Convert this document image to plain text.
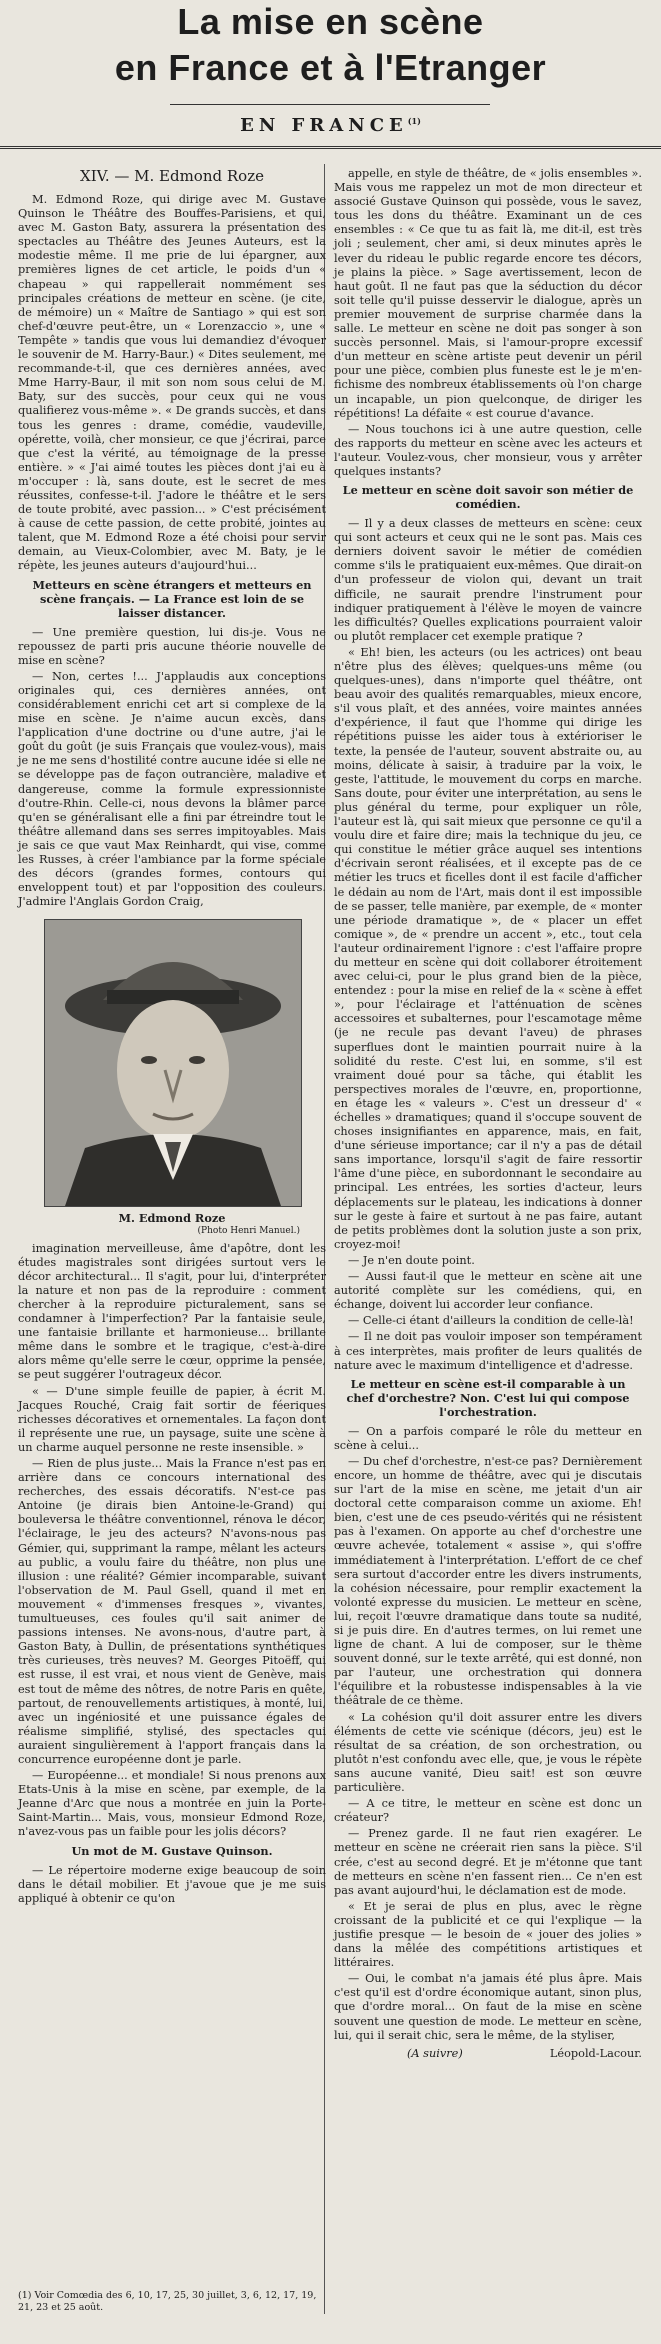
La mise en scène
en France et à l'Etranger
EN FRANCE$^{(1)}$
XIV. — M. Edmond Roze

M. Edmond Roze, qui dirige avec M. Gustave Quinson le Théâtre des Bouffes-Parisiens, et qui, avec M. Gaston Baty, assurera la présentation des spectacles au Théâtre des Jeunes Auteurs, est la modestie même. Il me prie de lui épargner, aux premières lignes de cet article, le poids d'un « chapeau » qui rappellerait nommément ses principales créations de metteur en scène. (je cite, de mémoire) un « Maître de Santiago » qui est son chef-d'œuvre peut-être, un « Lorenzaccio », une « Tempête » tandis que vous lui demandiez d'évoquer le souvenir de M. Harry-Baur.) « Dites seulement, me recommande-t-il, que ces dernières années, avec Mme Harry-Baur, il mit son nom sous celui de M. Baty, sur des succès, pour ceux qui ne vous qualifierez vous-même ». « De grands succès, et dans tous les genres : drame, comédie, vaudeville, opérette, voilà, cher monsieur, ce que j'écrirai, parce que c'est la vérité, au témoignage de la presse entière. » « J'ai aimé toutes les pièces dont j'ai eu à m'occuper : là, sans doute, est le secret de mes réussites, confesse-t-il. J'adore le théâtre et le sers de toute probité, avec passion... » C'est précisément à cause de cette passion, de cette probité, jointes au talent, que M. Edmond Roze a été choisi pour servir demain, au Vieux-Colombier, avec M. Baty, je le répète, les jeunes auteurs d'aujourd'hui...

Metteurs en scène étrangers et metteurs en scène français. — La France est loin de se laisser distancer.

— Une première question, lui dis-je. Vous ne repoussez de parti pris aucune théorie nouvelle de mise en scène?

— Non, certes !... J'applaudis aux conceptions originales qui, ces dernières années, ont considérablement enrichi cet art si complexe de la mise en scène. Je n'aime aucun excès, dans l'application d'une doctrine ou d'une autre, j'ai le goût du goût (je suis Français que voulez-vous), mais je ne me sens d'hostilité contre aucune idée si elle ne se développe pas de façon outrancière, maladive et dangereuse, comme la formule expressionniste d'outre-Rhin. Celle-ci, nous devons la blâmer parce qu'en se généralisant elle a fini par étreindre tout le théâtre allemand dans ses serres impitoyables. Mais je sais ce que vaut Max Reinhardt, qui vise, comme les Russes, à créer l'ambiance par la forme spéciale des décors (grandes formes, contours qui enveloppent tout) et par l'opposition des couleurs. J'admire l'Anglais Gordon Craig,

M. Edmond Roze
(Photo Henri Manuel.)

imagination merveilleuse, âme d'apôtre, dont les études magistrales sont dirigées surtout vers le décor architectural... Il s'agit, pour lui, d'interpréter la nature et non pas de la reproduire : comment chercher à la reproduire picturalement, sans se condamner à l'imperfection? Par la fantaisie seule, une fantaisie brillante et harmonieuse... brillante même dans le sombre et le tragique, c'est-à-dire alors même qu'elle serre le cœur, opprime la pensée, se peut suggérer l'outrageux décor.

« — D'une simple feuille de papier, à écrit M. Jacques Rouché, Craig fait sortir de féeriques richesses décoratives et ornementales. La façon dont il représente une rue, un paysage, suite une scène à un charme auquel personne ne reste insensible. »

— Rien de plus juste... Mais la France n'est pas en arrière dans ce concours international des recherches, des essais décoratifs. N'est-ce pas Antoine (je dirais bien Antoine-le-Grand) qui bouleversa le théâtre conventionnel, rénova le décor, l'éclairage, le jeu des acteurs? N'avons-nous pas Gémier, qui, supprimant la rampe, mêlant les acteurs au public, a voulu faire du théâtre, non plus une illusion : une réalité? Gémier incomparable, suivant l'observation de M. Paul Gsell, quand il met en mouvement « d'immenses fresques », vivantes, tumultueuses, ces foules qu'il sait animer de passions intenses. Ne avons-nous, d'autre part, à Gaston Baty, à Dullin, de présentations synthétiques très curieuses, très neuves? M. Georges Pitoëff, qui est russe, il est vrai, et nous vient de Genève, mais est tout de même des nôtres, de notre Paris en quête, partout, de renouvellements artistiques, à monté, lui, avec un ingéniosité et une puissance égales de réalisme simplifié, stylisé, des spectacles qui auraient singulièrement à l'apport français dans la concurrence européenne dont je parle.

— Européenne... et mondiale! Si nous prenons aux Etats-Unis à la mise en scène, par exemple, de la Jeanne d'Arc que nous a montrée en juin la Porte-Saint-Martin... Mais, vous, monsieur Edmond Roze, n'avez-vous pas un faible pour les jolis décors?

Un mot de M. Gustave Quinson.

— Le répertoire moderne exige beaucoup de soin dans le détail mobilier. Et j'avoue que je me suis appliqué à obtenir ce qu'on

(1) Voir Comœdia des 6, 10, 17, 25, 30 juillet, 3, 6, 12, 17, 19, 21, 23 et 25 août.

appelle, en style de théâtre, de « jolis ensembles ». Mais vous me rappelez un mot de mon directeur et associé Gustave Quinson qui possède, vous le savez, tous les dons du théâtre. Examinant un de ces ensembles : « Ce que tu as fait là, me dit-il, est très joli ; seulement, cher ami, si deux minutes après le lever du rideau le public regarde encore tes décors, je plains la pièce. » Sage avertissement, lecon de haut goût. Il ne faut pas que la séduction du décor soit telle qu'il puisse desservir le dialogue, après un premier mouvement de surprise charmée dans la salle. Le metteur en scène ne doit pas songer à son succès personnel. Mais, si l'amour-propre excessif d'un metteur en scène artiste peut devenir un péril pour une pièce, combien plus funeste est le je m'en-fichisme des nombreux établissements où l'on charge un incapable, un pion quelconque, de diriger les répétitions! La défaite « est courue d'avance.

— Nous touchons ici à une autre question, celle des rapports du metteur en scène avec les acteurs et l'auteur. Voulez-vous, cher monsieur, vous y arrêter quelques instants?

Le metteur en scène doit savoir son métier de comédien.

— Il y a deux classes de metteurs en scène: ceux qui sont acteurs et ceux qui ne le sont pas. Mais ces derniers doivent savoir le métier de comédien comme s'ils le pratiquaient eux-mêmes. Que dirait-on d'un professeur de violon qui, devant un trait difficile, ne saurait prendre l'instrument pour indiquer pratiquement à l'élève le moyen de vaincre les difficultés? Quelles explications pourraient valoir ou plutôt remplacer cet exemple pratique ?

« Eh! bien, les acteurs (ou les actrices) ont beau n'être plus des élèves; quelques-uns même (ou quelques-unes), dans n'importe quel théâtre, ont beau avoir des qualités remarquables, mieux encore, s'il vous plaît, et des années, voire maintes années d'expérience, il faut que l'homme qui dirige les répétitions puisse les aider tous à extérioriser le texte, la pensée de l'auteur, souvent abstraite ou, au moins, délicate à saisir, à traduire par la voix, le geste, l'attitude, le mouvement du corps en marche. Sans doute, pour éviter une interprétation, au sens le plus général du terme, pour expliquer un rôle, l'auteur est là, qui sait mieux que personne ce qu'il a voulu dire et faire dire; mais la technique du jeu, ce qui constitue le métier grâce auquel ses intentions d'écrivain seront réalisées, et il excepte pas de ce métier les trucs et ficelles dont il est facile d'afficher le dédain au nom de l'Art, mais dont il est impossible de se passer, telle manière, par exemple, de « monter une période dramatique », de « placer un effet comique », de « prendre un accent », etc., tout cela l'auteur ordinairement l'ignore : c'est l'affaire propre du metteur en scène qui doit collaborer étroitement avec celui-ci, pour le plus grand bien de la pièce, entendez : pour la mise en relief de la « scène à effet », pour l'éclairage et l'atténuation de scènes accessoires et subalternes, pour l'escamotage même (je ne recule pas devant l'aveu) de phrases superflues dont le maintien pourrait nuire à la solidité du reste. C'est lui, en somme, s'il est vraiment doué pour sa tâche, qui établit les perspectives morales de l'œuvre, en, proportionne, en étage les « valeurs ». C'est un dresseur d' « échelles » dramatiques; quand il s'occupe souvent de choses insignifiantes en apparence, mais, en fait, d'une sérieuse importance; car il n'y a pas de détail sans importance, lorsqu'il s'agit de faire ressortir l'âme d'une pièce, en subordonnant le secondaire au principal. Les entrées, les sorties d'acteur, leurs déplacements sur le plateau, les indications à donner sur le geste à faire et surtout à ne pas faire, autant de petits problèmes dont la solution juste a son prix, croyez-moi!

— Je n'en doute point.

— Aussi faut-il que le metteur en scène ait une autorité complète sur les comédiens, qui, en échange, doivent lui accorder leur confiance.

— Celle-ci étant d'ailleurs la condition de celle-là!

— Il ne doit pas vouloir imposer son tempérament à ces interprètes, mais profiter de leurs qualités de nature avec le maximum d'intelligence et d'adresse.

Le metteur en scène est-il comparable à un chef d'orchestre? Non. C'est lui qui compose l'orchestration.

— On a parfois comparé le rôle du metteur en scène à celui...

— Du chef d'orchestre, n'est-ce pas? Dernièrement encore, un homme de théâtre, avec qui je discutais sur l'art de la mise en scène, me jetait d'un air doctoral cette comparaison comme un axiome. Eh! bien, c'est une de ces pseudo-vérités qui ne résistent pas à l'examen. On apporte au chef d'orchestre une œuvre achevée, totalement « assise », qui s'offre immédiatement à l'interprétation. L'effort de ce chef sera surtout d'accorder entre les divers instruments, la cohésion nécessaire, pour remplir exactement la volonté expresse du musicien. Le metteur en scène, lui, reçoit l'œuvre dramatique dans toute sa nudité, si je puis dire. En d'autres termes, on lui remet une ligne de chant. A lui de composer, sur le thème souvent donné, sur le texte arrêté, qui est donné, non par l'auteur, une orchestration qui donnera l'équilibre et la robustesse indispensables à la vie théâtrale de ce thème.

« La cohésion qu'il doit assurer entre les divers éléments de cette vie scénique (décors, jeu) est le résultat de sa création, de son orchestration, ou plutôt n'est confondu avec elle, que, je vous le répète sans aucune vanité, Dieu sait! est son œuvre particulière.

— A ce titre, le metteur en scène est donc un créateur?

— Prenez garde. Il ne faut rien exagérer. Le metteur en scène ne créerait rien sans la pièce. S'il crée, c'est au second degré. Et je m'étonne que tant de metteurs en scène n'en fassent rien... Ce n'en est pas avant aujourd'hui, le déclamation est de mode.

« Et je serai de plus en plus, avec le règne croissant de la publicité et ce qui l'explique — la justifie presque — le besoin de « jouer des jolies » dans la mêlée des compétitions artistiques et littéraires.

— Oui, le combat n'a jamais été plus âpre. Mais c'est qu'il est d'ordre économique autant, sinon plus, que d'ordre moral... On faut de la mise en scène souvent une question de mode. Le metteur en scène, lui, qui il serait chic, sera le même, de la styliser,

(A suivre)	Léopold-Lacour.
